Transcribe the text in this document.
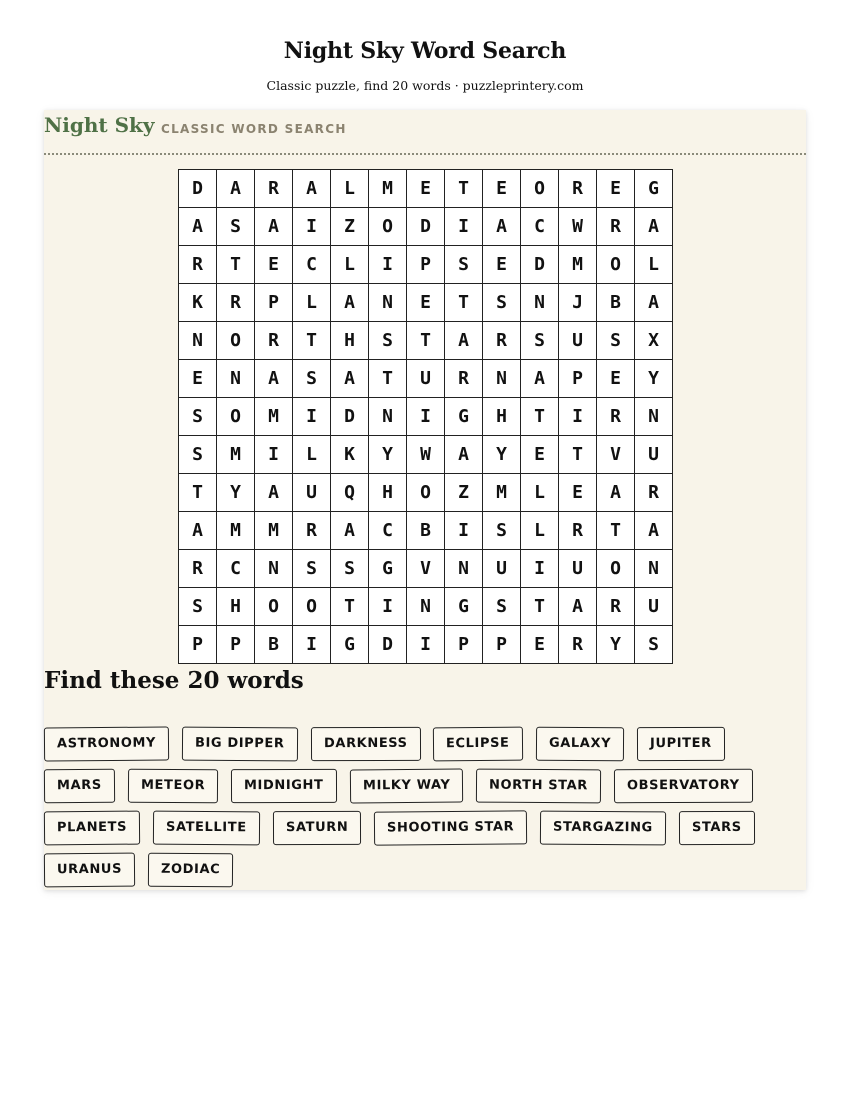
Night Sky Word Search
Classic puzzle, find 20 words · puzzleprintery.com
Night Sky CLASSIC WORD SEARCH
D	A	R	A	L	M	E	T	E	O	R	E	G
A	S	A	I	Z	O	D	I	A	C	W	R	A
R	T	E	C	L	I	P	S	E	D	M	O	L
K	R	P	L	A	N	E	T	S	N	J	B	A
N	O	R	T	H	S	T	A	R	S	U	S	X
E	N	A	S	A	T	U	R	N	A	P	E	Y
S	O	M	I	D	N	I	G	H	T	I	R	N
S	M	I	L	K	Y	W	A	Y	E	T	V	U
T	Y	A	U	Q	H	O	Z	M	L	E	A	R
A	M	M	R	A	C	B	I	S	L	R	T	A
R	C	N	S	S	G	V	N	U	I	U	O	N
S	H	O	O	T	I	N	G	S	T	A	R	U
P	P	B	I	G	D	I	P	P	E	R	Y	S
Find these 20 words
ASTRONOMY	BIG DIPPER	DARKNESS	ECLIPSE	GALAXY	JUPITER
MARS	METEOR	MIDNIGHT	MILKY WAY	NORTH STAR	OBSERVATORY
PLANETS	SATELLITE	SATURN	SHOOTING STAR	STARGAZING	STARS
URANUS	ZODIAC
